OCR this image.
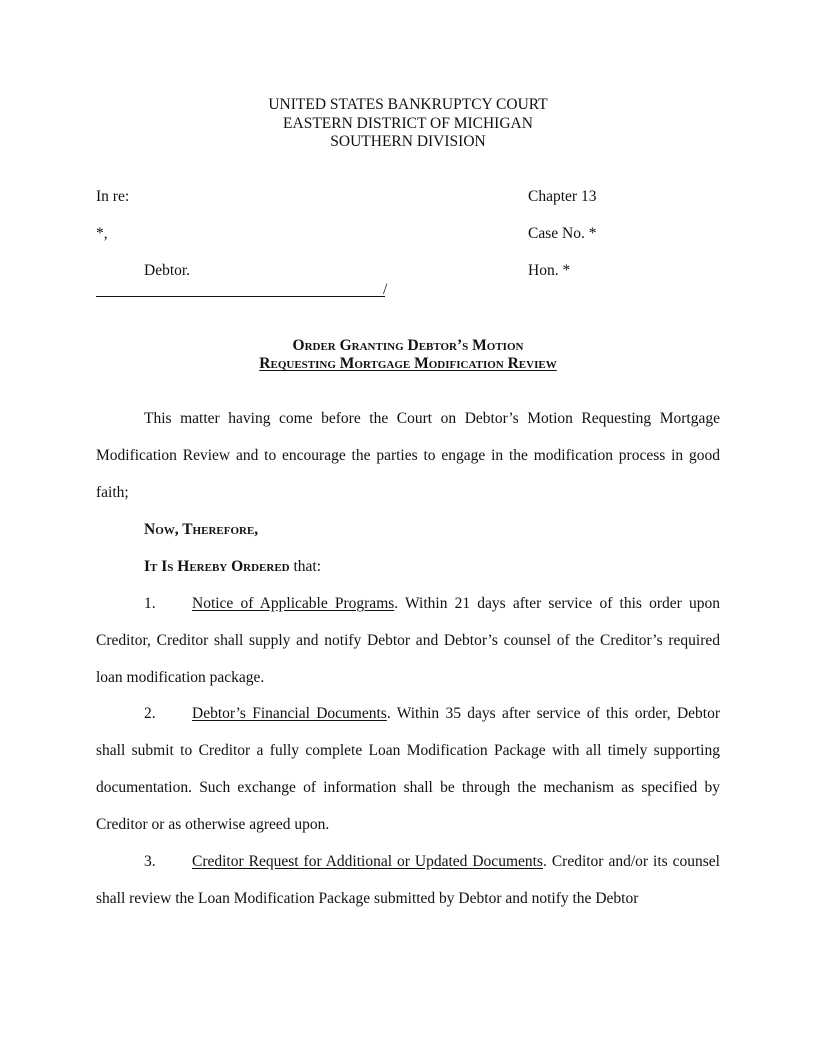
UNITED STATES BANKRUPTCY COURT
EASTERN DISTRICT OF MICHIGAN
SOUTHERN DIVISION
In re:
*,
Debtor.
/
Chapter 13
Case No. *
Hon. *
Order Granting Debtor’s Motion
Requesting Mortgage Modification Review
This matter having come before the Court on Debtor’s Motion Requesting Mortgage Modification Review and to encourage the parties to engage in the modification process in good faith;
Now, Therefore,
It Is Hereby Ordered that:
1. Notice of Applicable Programs. Within 21 days after service of this order upon Creditor, Creditor shall supply and notify Debtor and Debtor’s counsel of the Creditor’s required loan modification package.
2. Debtor’s Financial Documents. Within 35 days after service of this order, Debtor shall submit to Creditor a fully complete Loan Modification Package with all timely supporting documentation. Such exchange of information shall be through the mechanism as specified by Creditor or as otherwise agreed upon.
3. Creditor Request for Additional or Updated Documents. Creditor and/or its counsel shall review the Loan Modification Package submitted by Debtor and notify the Debtor
